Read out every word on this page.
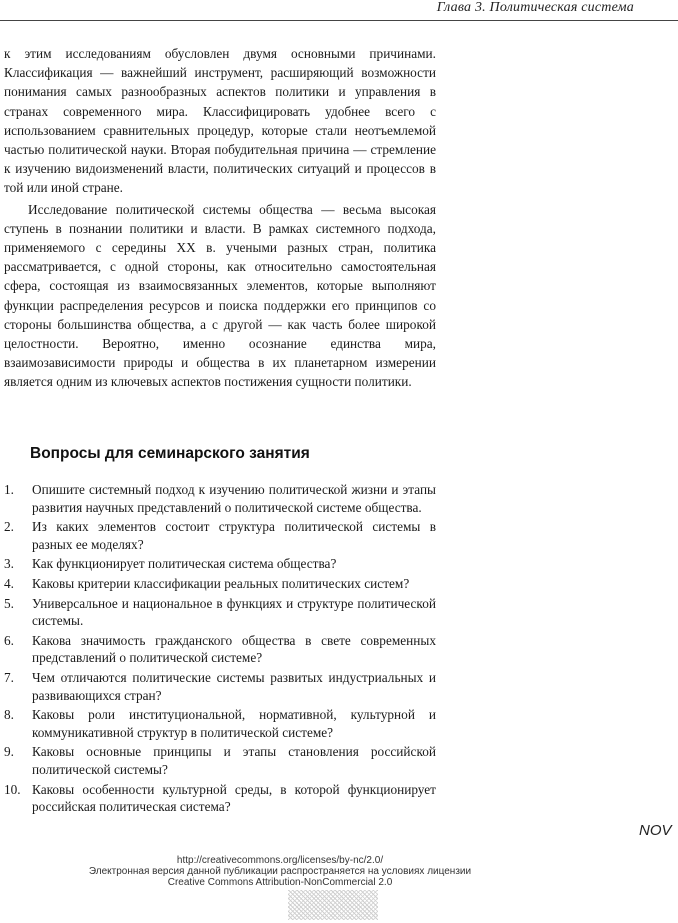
Глава 3. Политическая система

к этим исследованиям обусловлен двумя основными причинами. Классификация — важнейший инструмент, расширяющий возможности понимания самых разнообразных аспектов политики и управления в странах современного мира. Классифицировать удобнее всего с использованием сравнительных процедур, которые стали неотъемлемой частью политической науки. Вторая побудительная причина — стремление к изучению видоизменений власти, политических ситуаций и процессов в той или иной стране.

Исследование политической системы общества — весьма высокая ступень в познании политики и власти. В рамках системного подхода, применяемого с середины XX в. учеными разных стран, политика рассматривается, с одной стороны, как относительно самостоятельная сфера, состоящая из взаимосвязанных элементов, которые выполняют функции распределения ресурсов и поиска поддержки его принципов со стороны большинства общества, а с другой — как часть более широкой целостности. Вероятно, именно осознание единства мира, взаимозависимости природы и общества в их планетарном измерении является одним из ключевых аспектов постижения сущности политики.

Вопросы для семинарского занятия
1.	Опишите системный подход к изучению политической жизни и этапы развития научных представлений о политической системе общества.
2.	Из каких элементов состоит структура политической системы в разных ее моделях?
3.	Как функционирует политическая система общества?
4.	Каковы критерии классификации реальных политических систем?
5.	Универсальное и национальное в функциях и структуре политической системы.
6.	Какова значимость гражданского общества в свете современных представлений о политической системе?
7.	Чем отличаются политические системы развитых индустриальных и развивающихся стран?
8.	Каковы роли институциональной, нормативной, культурной и коммуникативной структур в политической системе?
9.	Каковы основные принципы и этапы становления российской политической системы?
10. Каковы особенности культурной среды, в которой функционирует российская политическая система?
NOV
http://creativecommons.org/licenses/by-nc/2.0/
Электронная версия данной публикации распространяется на условиях лицензии
Creative Commons Attribution-NonCommercial 2.0
